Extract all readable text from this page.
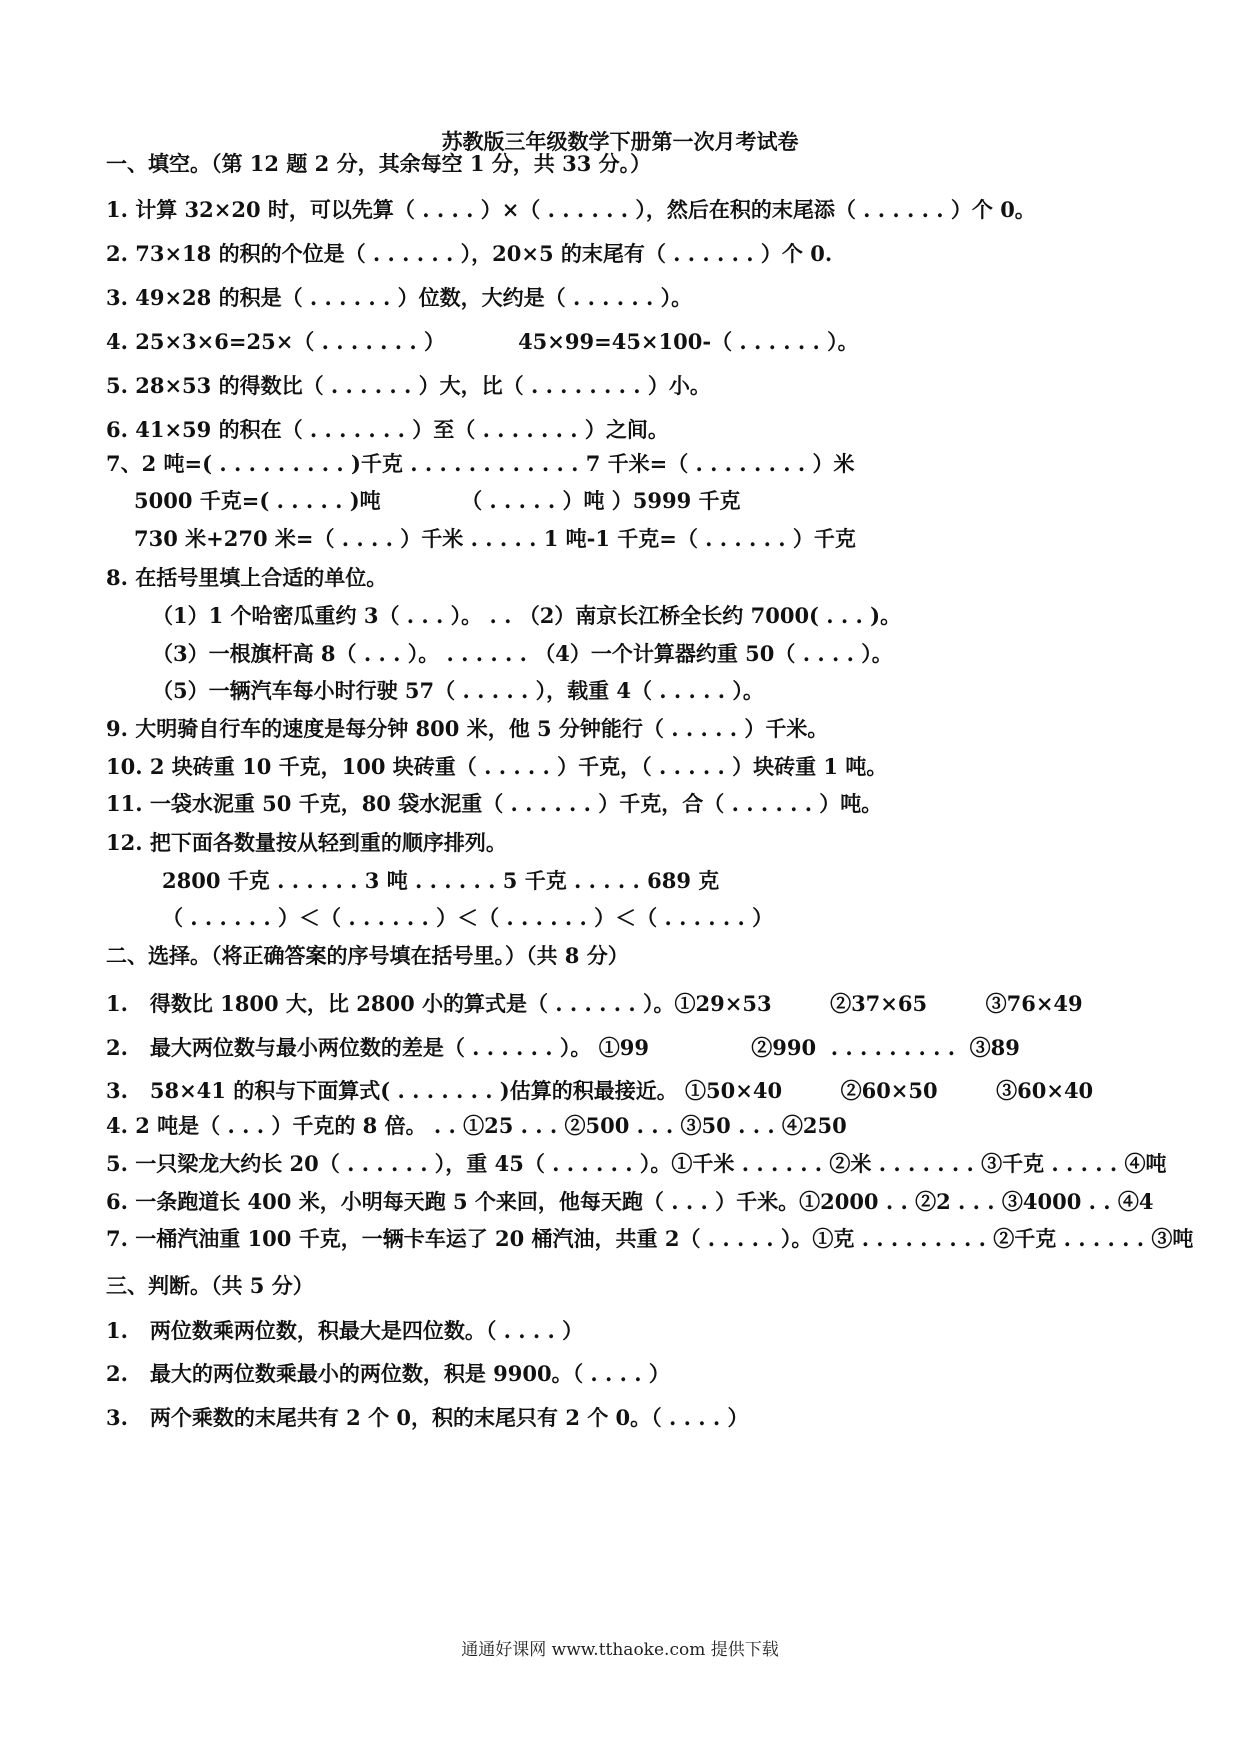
苏教版三年级数学下册第一次月考试卷
一、填空。（第 12 题 2 分，其余每空 1 分，共 33 分。）
1. 计算 32×20 时，可以先算（ . . . . ）×（ . . . . . . ），然后在积的末尾添（ . . . . . . ）个 0。
2. 73×18 的积的个位是（ . . . . . . ），20×5 的末尾有（ . . . . . . ）个 0.
3. 49×28 的积是（ . . . . . . ）位数，大约是（ . . . . . . ）。
4. 25×3×6=25×（ . . . . . . . ）          45×99=45×100-（ . . . . . . ）。
5. 28×53 的得数比（ . . . . . . ）大，比（ . . . . . . . . ）小。
6. 41×59 的积在（ . . . . . . . ）至（ . . . . . . . ）之间。
7、2 吨=( . . . . . . . . . )千克 . . . . . . . . . . . . 7 千米=（ . . . . . . . . ）米
5000 千克=( . . . . . )吨           （ . . . . . ）吨 ）5999 千克
730 米+270 米=（ . . . . ）千米 . . . . . 1 吨-1 千克=（ . . . . . . ）千克
8. 在括号里填上合适的单位。
（1）1 个哈密瓜重约 3（ . . . ）。 . . （2）南京长江桥全长约 7000( . . . )。
（3）一根旗杆高 8（ . . . ）。 . . . . . . （4）一个计算器约重 50（ . . . . ）。
（5）一辆汽车每小时行驶 57（ . . . . . ），载重 4（ . . . . . ）。
9. 大明骑自行车的速度是每分钟 800 米，他 5 分钟能行（ . . . . . ）千米。
10. 2 块砖重 10 千克，100 块砖重（ . . . . . ）千克，（ . . . . . ）块砖重 1 吨。
11. 一袋水泥重 50 千克，80 袋水泥重（ . . . . . . ）千克，合（ . . . . . . ）吨。
12. 把下面各数量按从轻到重的顺序排列。
2800 千克 . . . . . . 3 吨 . . . . . . 5 千克 . . . . . 689 克
（ . . . . . . ）＜（ . . . . . . ）＜（ . . . . . . ）＜（ . . . . . . ）
二、选择。（将正确答案的序号填在括号里。）（共 8 分）
1.   得数比 1800 大，比 2800 小的算式是（ . . . . . . ）。①29×53        ②37×65        ③76×49
2.   最大两位数与最小两位数的差是（ . . . . . . ）。 ①99              ②990  . . . . . . . . .  ③89
3.   58×41 的积与下面算式( . . . . . . . )估算的积最接近。 ①50×40        ②60×50        ③60×40
4. 2 吨是（ . . . ）千克的 8 倍。 . . ①25 . . . ②500 . . . ③50 . . . ④250
5. 一只梁龙大约长 20（ . . . . . . ），重 45（ . . . . . . ）。①千米 . . . . . . ②米 . . . . . . . ③千克 . . . . . ④吨
6. 一条跑道长 400 米，小明每天跑 5 个来回，他每天跑（ . . . ）千米。①2000 . . ②2 . . . ③4000 . . ④4
7. 一桶汽油重 100 千克，一辆卡车运了 20 桶汽油，共重 2（ . . . . . ）。①克 . . . . . . . . . ②千克 . . . . . . ③吨
三、判断。（共 5 分）
1.   两位数乘两位数，积最大是四位数。（ . . . . ）
2.   最大的两位数乘最小的两位数，积是 9900。（ . . . . ）
3.   两个乘数的末尾共有 2 个 0，积的末尾只有 2 个 0。（ . . . . ）
通通好课网 www.tthaoke.com 提供下载
